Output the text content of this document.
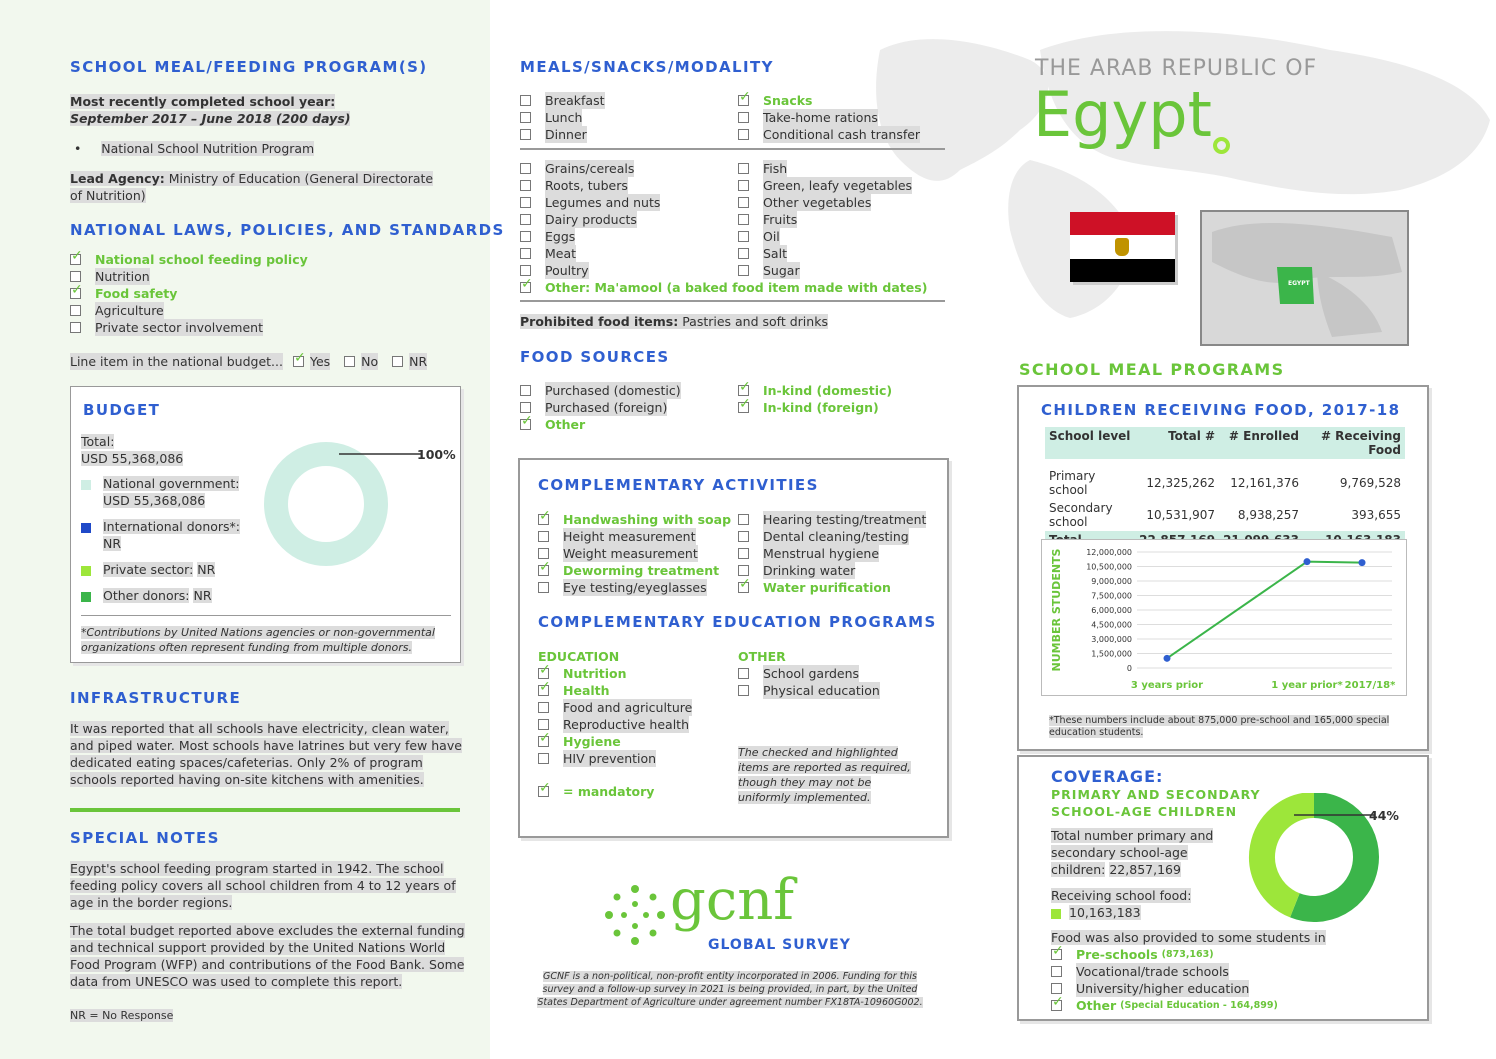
THE ARAB REPUBLIC OF
Egypt
EGYPT
SCHOOL MEAL/FEEDING PROGRAM(S)
Most recently completed school year:
September 2017 – June 2018 (200 days)
•     National School Nutrition Program
Lead Agency: Ministry of Education (General Directorate of Nutrition)
NATIONAL LAWS, POLICIES, AND STANDARDS
✓
National school feeding policy
Nutrition
✓
Food safety
Agriculture
Private sector involvement
Line item in the national budget... ✓ Yes No NR
BUDGET
Total:
USD 55,368,086
National government:
USD 55,368,086
International donors*:
NR
Private sector: NR
Other donors: NR
100%
*Contributions by United Nations agencies or non-governmental organizations often represent funding from multiple donors.
INFRASTRUCTURE
It was reported that all schools have electricity, clean water, and piped water. Most schools have latrines but very few have dedicated eating spaces/cafeterias. Only 2% of program schools reported having on-site kitchens with amenities.
SPECIAL NOTES
Egypt's school feeding program started in 1942. The school feeding policy covers all school children from 4 to 12 years of age in the border regions.
The total budget reported above excludes the external funding and technical support provided by the United Nations World Food Program (WFP) and contributions of the Food Bank. Some data from UNESCO was used to complete this report.
NR = No Response
MEALS/SNACKS/MODALITY
Breakfast
Lunch
Dinner
✓
Snacks
Take-home rations
Conditional cash transfer
Grains/cereals
Roots, tubers
Legumes and nuts
Dairy products
Eggs
Meat
Poultry
Fish
Green, leafy vegetables
Other vegetables
Fruits
Oil
Salt
Sugar
✓
Other: Ma'amool (a baked food item made with dates)
Prohibited food items: Pastries and soft drinks
FOOD SOURCES
Purchased (domestic)
Purchased (foreign)
✓
Other
✓
In-kind (domestic)
✓
In-kind (foreign)
COMPLEMENTARY ACTIVITIES
✓
Handwashing with soap
Height measurement
Weight measurement
✓
Deworming treatment
Eye testing/eyeglasses
Hearing testing/treatment
Dental cleaning/testing
Menstrual hygiene
Drinking water
✓
Water purification
COMPLEMENTARY EDUCATION PROGRAMS
EDUCATION	OTHER
✓
Nutrition
✓
Health
Food and agriculture
Reproductive health
✓
Hygiene
HIV prevention
School gardens
Physical education
✓
= mandatory
The checked and highlighted items are reported as required, though they may not be uniformly implemented.
gcnf
GLOBAL SURVEY
GCNF is a non-political, non-profit entity incorporated in 2006. Funding for this survey and a follow-up survey in 2021 is being provided, in part, by the United States Department of Agriculture under agreement number FX18TA-10960G002.
SCHOOL MEAL PROGRAMS
CHILDREN RECEIVING FOOD, 2017-18
School level	Total #	# Enrolled	# Receiving Food
Primary school	12,325,262	12,161,376	9,769,528
Secondary school	10,531,907	8,938,257	393,655

12,000,000
10,500,000
9,000,000
7,500,000
6,000,000
4,500,000
3,000,000
1,500,000
0
NUMBER STUDENTS
3 years prior	1 year prior* 2017/18*
*These numbers include about 875,000 pre-school and 165,000 special education students.
COVERAGE:
PRIMARY AND SECONDARY SCHOOL-AGE CHILDREN
Total number primary and secondary school-age children: 22,857,169
Receiving school food:
10,163,183
44%
Food was also provided to some students in
✓
Pre-schools (873,163)
Vocational/trade schools
University/higher education
✓
Other (Special Education - 164,899)
